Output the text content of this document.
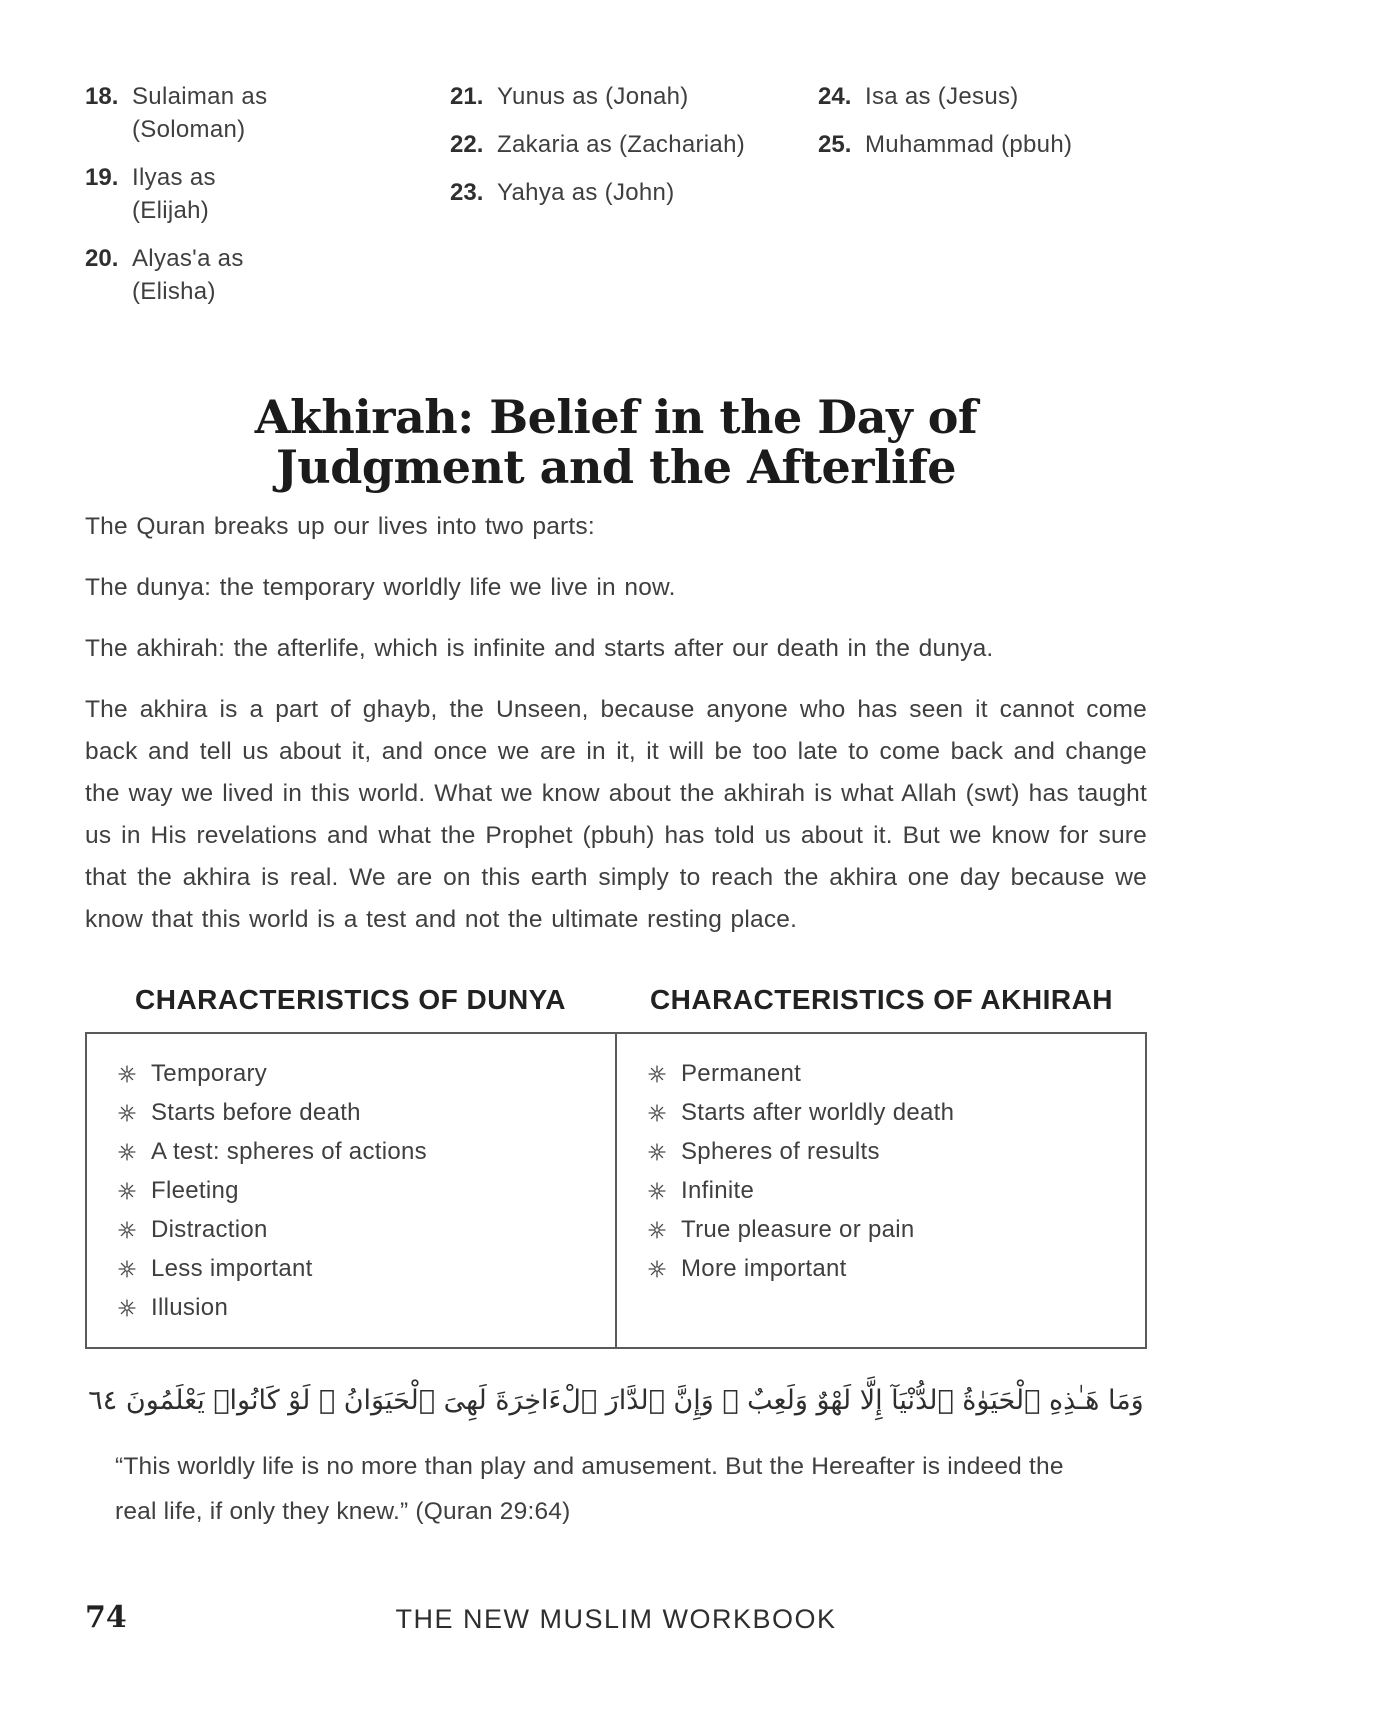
18. Sulaiman as (Soloman)
19. Ilyas as (Elijah)
20. Alyas'a as (Elisha)
21. Yunus as (Jonah)
22. Zakaria as (Zachariah)
23. Yahya as (John)
24. Isa as (Jesus)
25. Muhammad (pbuh)
Akhirah: Belief in the Day of
Judgment and the Afterlife

The Quran breaks up our lives into two parts:

The dunya: the temporary worldly life we live in now.

The akhirah: the afterlife, which is infinite and starts after our death in the dunya.

The akhira is a part of ghayb, the Unseen, because anyone who has seen it cannot come back and tell us about it, and once we are in it, it will be too late to come back and change the way we lived in this world. What we know about the akhirah is what Allah (swt) has taught us in His revelations and what the Prophet (pbuh) has told us about it. But we know for sure that the akhira is real. We are on this earth simply to reach the akhira one day because we know that this world is a test and not the ultimate resting place.

CHARACTERISTICS OF DUNYA	CHARACTERISTICS OF AKHIRAH
Temporary
Starts before death
A test: spheres of actions
Fleeting
Distraction
Less important
Illusion
Permanent
Starts after worldly death
Spheres of results
Infinite
True pleasure or pain
More important

وَمَا هَـٰذِهِ ٱلْحَيَوٰةُ ٱلدُّنْيَآ إِلَّا لَهْوٌ وَلَعِبٌ ۚ وَإِنَّ ٱلدَّارَ ٱلْءَاخِرَةَ لَهِىَ ٱلْحَيَوَانُ ۚ لَوْ كَانُوا۟ يَعْلَمُونَ ٦٤

“This worldly life is no more than play and amusement. But the Hereafter is indeed the real life, if only they knew.” (Quran 29:64)

74	THE NEW MUSLIM WORKBOOK
